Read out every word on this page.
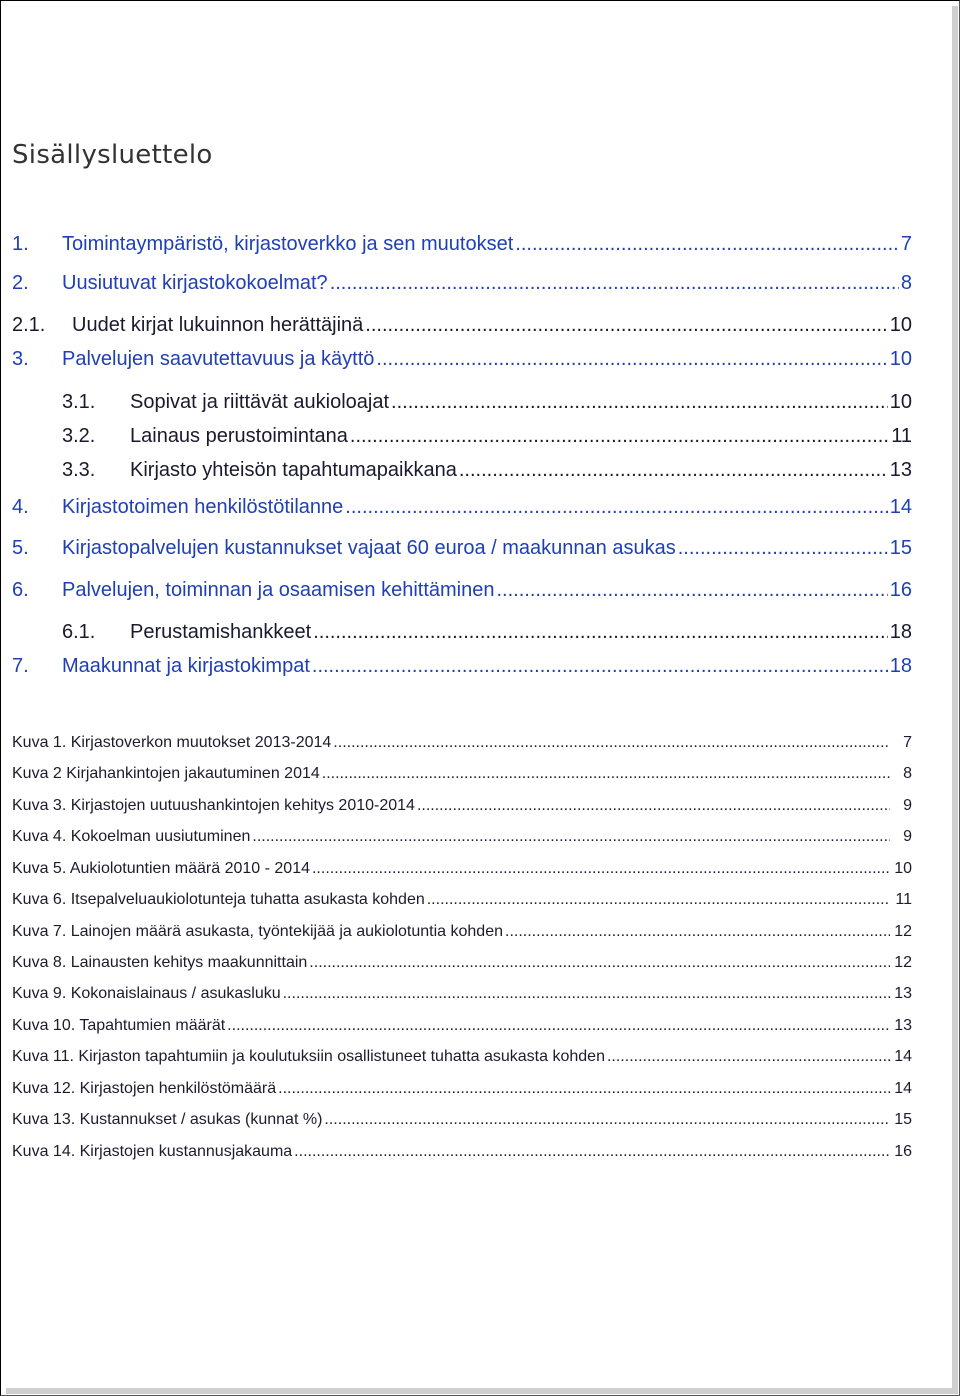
Sisällysluettelo
1.	Toimintaympäristö, kirjastoverkko ja sen muutokset .....	7
2.	Uusiutuvat kirjastokokoelmat? .....	8
2.1.	Uudet kirjat lukuinnon herättäjinä .....	10
3.	Palvelujen saavutettavuus ja käyttö .....	10
3.1.	Sopivat ja riittävät aukioloajat .....	10
3.2.	Lainaus perustoimintana .....	11
3.3.	Kirjasto yhteisön tapahtumapaikkana .....	13
4.	Kirjastotoimen henkilöstötilanne .....	14
5.	Kirjastopalvelujen kustannukset vajaat 60 euroa / maakunnan asukas .....	15
6.	Palvelujen, toiminnan ja osaamisen kehittäminen .....	16
6.1.	Perustamishankkeet .....	18
7.	Maakunnat ja kirjastokimpat .....	18
Kuva 1. Kirjastoverkon muutokset 2013-2014 .....	7
Kuva 2 Kirjahankintojen jakautuminen 2014 .....	8
Kuva 3. Kirjastojen uutuushankintojen kehitys 2010-2014 .....	9
Kuva 4. Kokoelman uusiutuminen .....	9
Kuva 5. Aukiolotuntien määrä 2010 - 2014 .....	10
Kuva 6. Itsepalveluaukiolotunteja tuhatta asukasta kohden .....	11
Kuva 7. Lainojen määrä asukasta, työntekijää ja aukiolotuntia kohden .....	12
Kuva 8. Lainausten kehitys maakunnittain .....	12
Kuva 9. Kokonaislainaus / asukasluku .....	13
Kuva 10. Tapahtumien määrät .....	13
Kuva 11. Kirjaston tapahtumiin ja koulutuksiin osallistuneet tuhatta asukasta kohden .....	14
Kuva 12. Kirjastojen henkilöstömäärä .....	14
Kuva 13. Kustannukset / asukas (kunnat %) .....	15
Kuva 14. Kirjastojen kustannusjakauma .....	16
